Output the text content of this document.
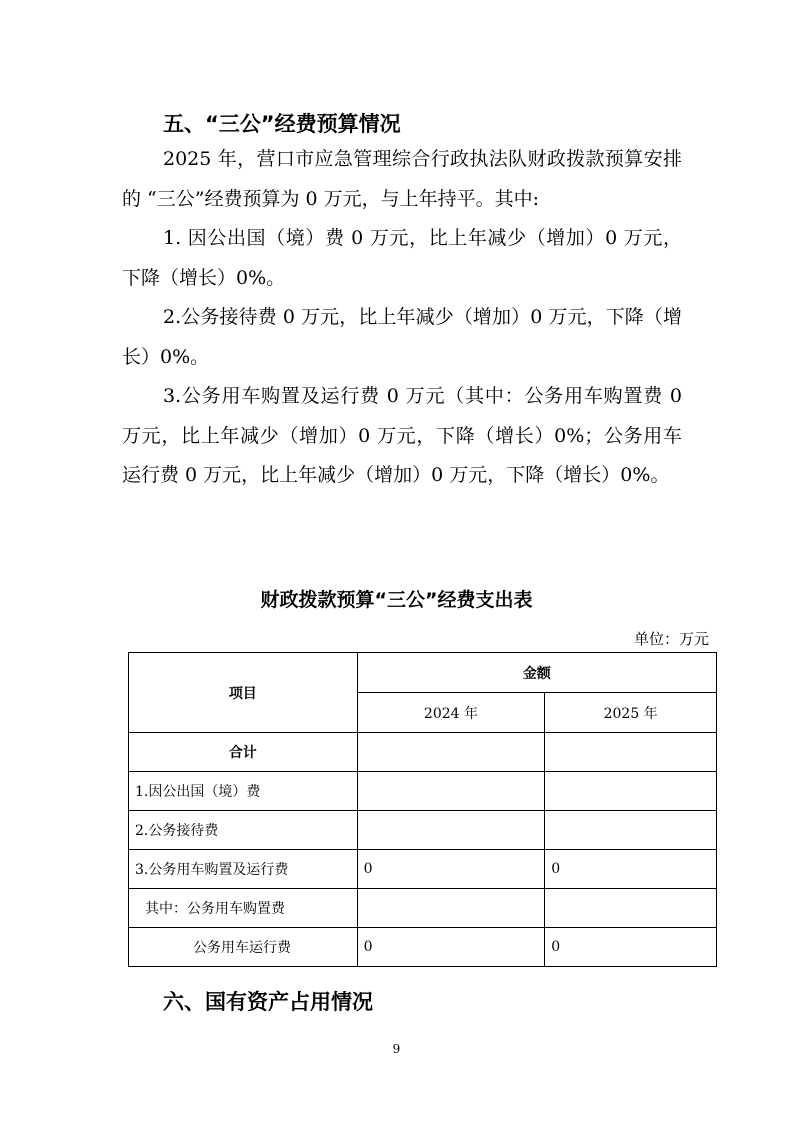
五、“三公”经费预算情况

2025 年，营口市应急管理综合行政执法队财政拨款预算安排的 “三公”经费预算为 0 万元，与上年持平。其中:

1. 因公出国（境）费 0 万元，比上年减少（增加）0 万元，下降（增长）0%。

2.公务接待费 0 万元，比上年减少（增加）0 万元，下降（增长）0%。

3.公务用车购置及运行费 0 万元（其中：公务用车购置费 0 万元，比上年减少（增加）0 万元，下降（增长）0%；公务用车运行费 0 万元，比上年减少（增加）0 万元，下降（增长）0%。

财政拨款预算“三公”经费支出表
单位：万元
项目	金额	
	2024 年	2025 年
合计		
1.因公出国（境）费		
2.公务接待费		
3.公务用车购置及运行费	0	0
其中：公务用车购置费		
公务用车运行费	0	0
六、国有资产占用情况
9
